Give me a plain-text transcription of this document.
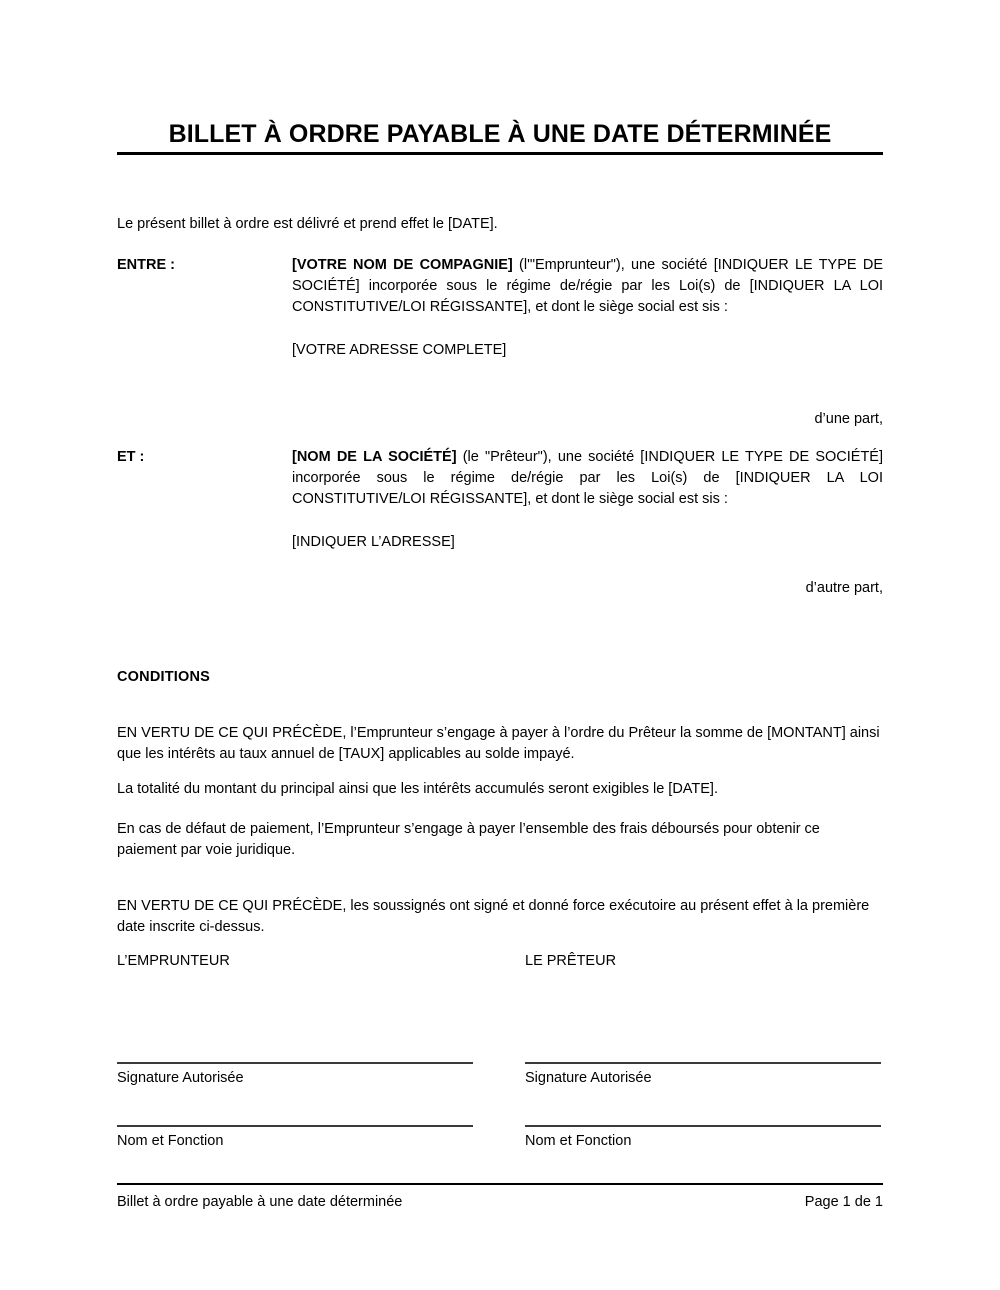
BILLET À ORDRE PAYABLE À UNE DATE DÉTERMINÉE

Le présent billet à ordre est délivré et prend effet le [DATE].

ENTRE :	[VOTRE NOM DE COMPAGNIE] (l'"Emprunteur"), une société [INDIQUER LE TYPE DE SOCIÉTÉ] incorporée sous le régime de/régie par les Loi(s) de [INDIQUER LA LOI CONSTITUTIVE/LOI RÉGISSANTE], et dont le siège social est sis :
[VOTRE ADRESSE COMPLETE]
d’une part,
ET :	[NOM DE LA SOCIÉTÉ] (le "Prêteur"), une société [INDIQUER LE TYPE DE SOCIÉTÉ] incorporée sous le régime de/régie par les Loi(s) de [INDIQUER LA LOI CONSTITUTIVE/LOI RÉGISSANTE], et dont le siège social est sis :
[INDIQUER L’ADRESSE]
d’autre part,
CONDITIONS

EN VERTU DE CE QUI PRÉCÈDE, l’Emprunteur s’engage à payer à l’ordre du Prêteur la somme de [MONTANT] ainsi que les intérêts au taux annuel de [TAUX] applicables au solde impayé.

La totalité du montant du principal ainsi que les intérêts accumulés seront exigibles le [DATE].

En cas de défaut de paiement, l’Emprunteur s’engage à payer l’ensemble des frais déboursés pour obtenir ce paiement par voie juridique.

EN VERTU DE CE QUI PRÉCÈDE, les soussignés ont signé et donné force exécutoire au présent effet à la première date inscrite ci-dessus.

L’EMPRUNTEUR
Signature Autorisée
Nom et Fonction
LE PRÊTEUR
Signature Autorisée
Nom et Fonction
Billet à ordre payable à une date déterminée	Page 1 de 1
